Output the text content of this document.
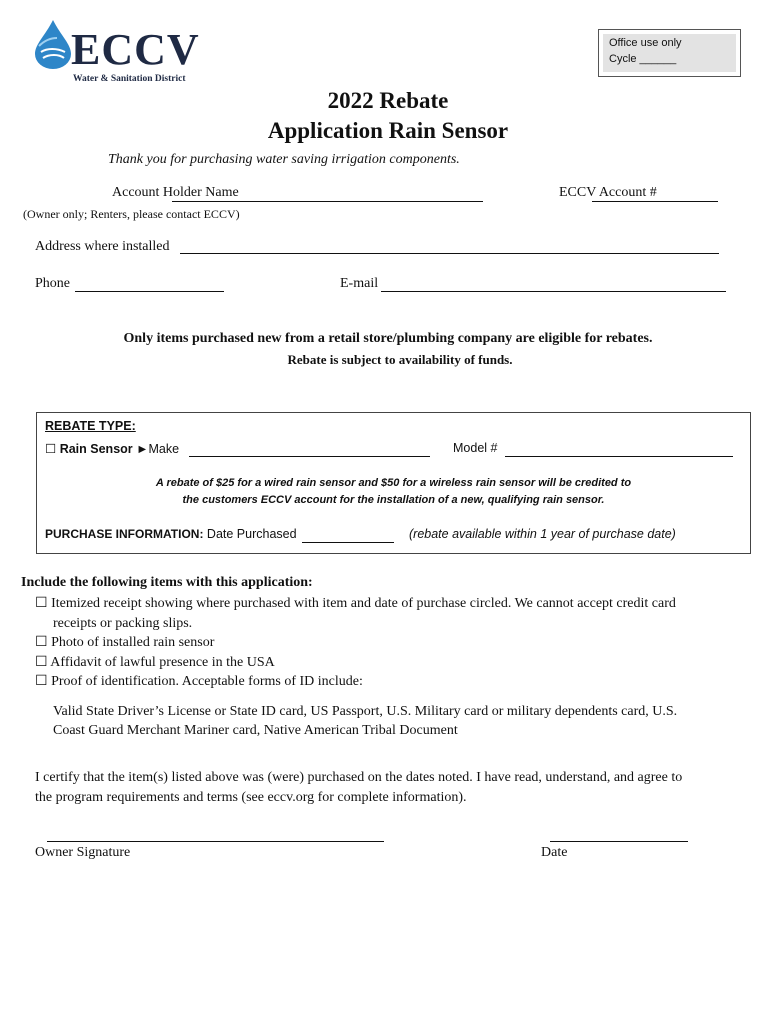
ECCV
Water & Sanitation District
Office use only
Cycle ______
2022 Rebate
Application Rain Sensor
Thank you for purchasing water saving irrigation components.
Account Holder Name	ECCV Account #
(Owner only; Renters, please contact ECCV)
Address where installed
Phone	E-mail
Only items purchased new from a retail store/plumbing company are eligible for rebates.
Rebate is subject to availability of funds.
REBATE TYPE:
☐ Rain Sensor ►Make	Model #
A rebate of $25 for a wired rain sensor and $50 for a wireless rain sensor will be credited to
the customers ECCV account for the installation of a new, qualifying rain sensor.
PURCHASE INFORMATION: Date Purchased	(rebate available within 1 year of purchase date)
Include the following items with this application:
☐ Itemized receipt showing where purchased with item and date of purchase circled. We cannot accept credit card
receipts or packing slips.
☐ Photo of installed rain sensor
☐ Affidavit of lawful presence in the USA
☐ Proof of identification. Acceptable forms of ID include:
Valid State Driver’s License or State ID card, US Passport, U.S. Military card or military dependents card, U.S.
Coast Guard Merchant Mariner card, Native American Tribal Document
I certify that the item(s) listed above was (were) purchased on the dates noted. I have read, understand, and agree to
the program requirements and terms (see eccv.org for complete information).
Owner Signature	Date
